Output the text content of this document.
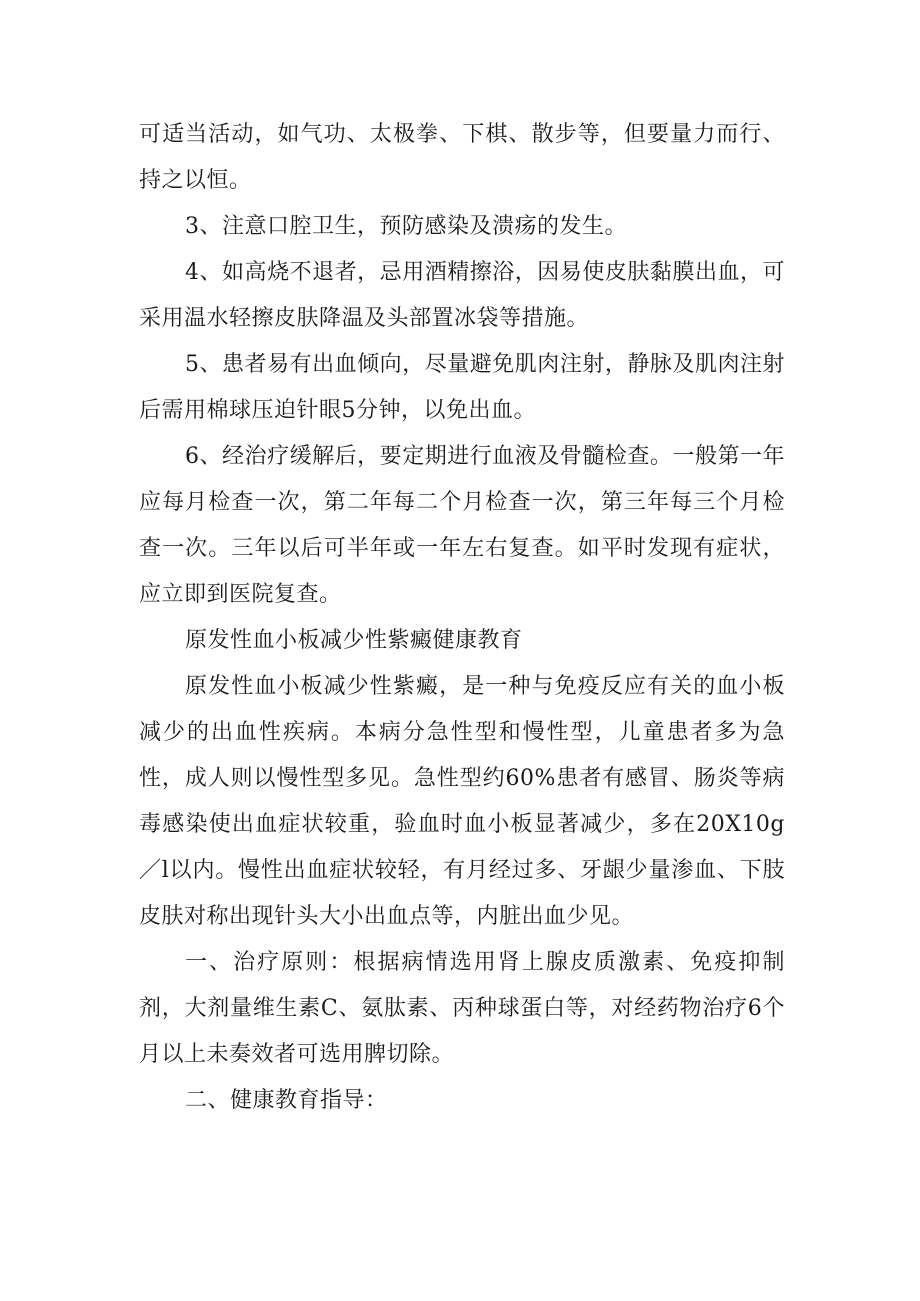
可适当活动，如气功、太极拳、下棋、散步等，但要量力而行、持之以恒。

3、注意口腔卫生，预防感染及溃疡的发生。

4、如高烧不退者，忌用酒精擦浴，因易使皮肤黏膜出血，可采用温水轻擦皮肤降温及头部置冰袋等措施。

5、患者易有出血倾向，尽量避免肌肉注射，静脉及肌肉注射后需用棉球压迫针眼5分钟，以免出血。

6、经治疗缓解后，要定期进行血液及骨髓检查。一般第一年应每月检查一次，第二年每二个月检查一次，第三年每三个月检查一次。三年以后可半年或一年左右复查。如平时发现有症状，应立即到医院复查。

原发性血小板减少性紫癜健康教育

原发性血小板减少性紫癜，是一种与免疫反应有关的血小板减少的出血性疾病。本病分急性型和慢性型，儿童患者多为急性，成人则以慢性型多见。急性型约60%患者有感冒、肠炎等病毒感染使出血症状较重，验血时血小板显著减少，多在20X10g／l以内。慢性出血症状较轻，有月经过多、牙龈少量渗血、下肢皮肤对称出现针头大小出血点等，内脏出血少见。

一、治疗原则：根据病情选用肾上腺皮质激素、免疫抑制剂，大剂量维生素C、氨肽素、丙种球蛋白等，对经药物治疗6个月以上未奏效者可选用脾切除。

二、健康教育指导：
